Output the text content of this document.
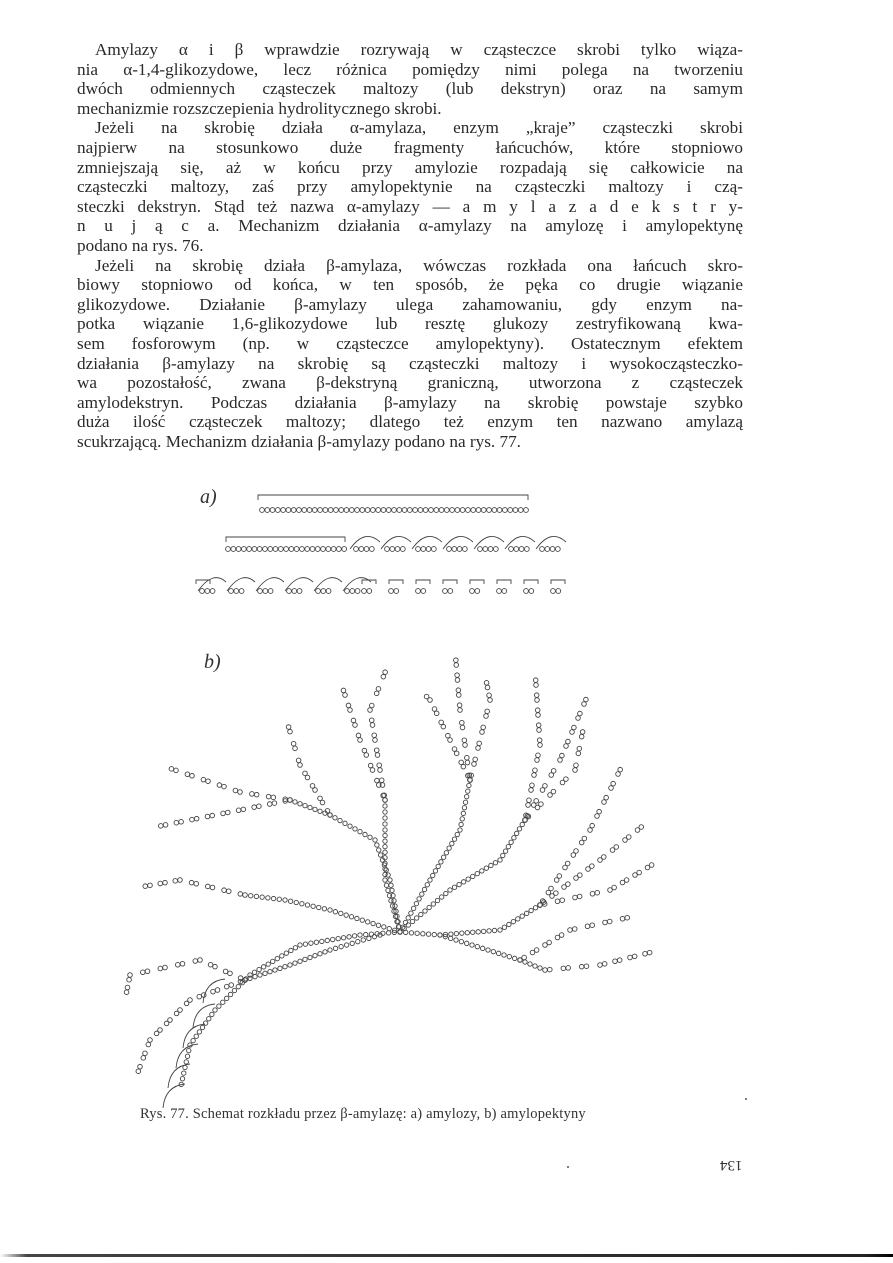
Amylazy α i β wprawdzie rozrywają w cząsteczce skrobi tylko wiąza-
nia α-1,4-glikozydowe, lecz różnica pomiędzy nimi polega na tworzeniu
dwóch odmiennych cząsteczek maltozy (lub dekstryn) oraz na samym
mechanizmie rozszczepienia hydrolitycznego skrobi.
Jeżeli na skrobię działa α-amylaza, enzym „kraje” cząsteczki skrobi
najpierw na stosunkowo duże fragmenty łańcuchów, które stopniowo
zmniejszają się, aż w końcu przy amylozie rozpadają się całkowicie na
cząsteczki maltozy, zaś przy amylopektynie na cząsteczki maltozy i czą-
steczki dekstryn. Stąd też nazwa α-amylazy — a m y l a z a d e k s t r y-
n u j ą c a. Mechanizm działania α-amylazy na amylozę i amylopektynę
podano na rys. 76.
Jeżeli na skrobię działa β-amylaza, wówczas rozkłada ona łańcuch skro-
biowy stopniowo od końca, w ten sposób, że pęka co drugie wiązanie
glikozydowe. Działanie β-amylazy ulega zahamowaniu, gdy enzym na-
potka wiązanie 1,6-glikozydowe lub resztę glukozy zestryfikowaną kwa-
sem fosforowym (np. w cząsteczce amylopektyny). Ostatecznym efektem
działania β-amylazy na skrobię są cząsteczki maltozy i wysokocząsteczko-
wa pozostałość, zwana β-dekstryną graniczną, utworzona z cząsteczek
amylodekstryn. Podczas działania β-amylazy na skrobię powstaje szybko
duża ilość cząsteczek maltozy; dlatego też enzym ten nazwano amylazą
scukrzającą. Mechanizm działania β-amylazy podano na rys. 77.
a)
b)
Rys. 77. Schemat rozkładu przez β-amylazę: a) amylozy, b) amylopektyny
134
